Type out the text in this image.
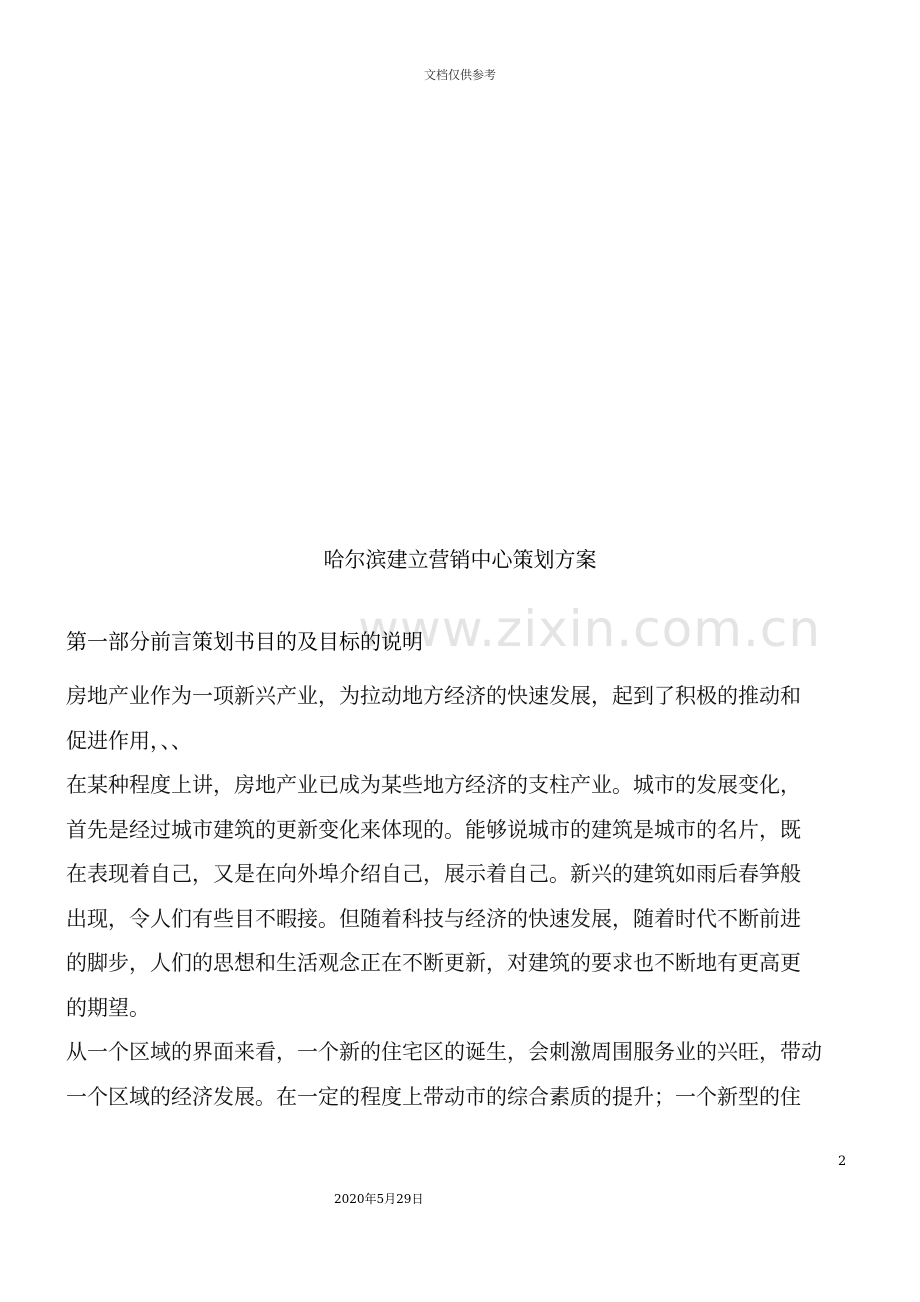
文档仅供参考
哈尔滨建立营销中心策划方案
www.zixin.com.cn
第一部分前言策划书目的及目标的说明
房地产业作为一项新兴产业，为拉动地方经济的快速发展，起到了积极的推动和
促进作用，、、
在某种程度上讲，房地产业已成为某些地方经济的支柱产业。城市的发展变化，
首先是经过城市建筑的更新变化来体现的。能够说城市的建筑是城市的名片，既
在表现着自己，又是在向外埠介绍自己，展示着自己。新兴的建筑如雨后春笋般
出现，令人们有些目不暇接。但随着科技与经济的快速发展，随着时代不断前进
的脚步，人们的思想和生活观念正在不断更新，对建筑的要求也不断地有更高更
的期望。
从一个区域的界面来看，一个新的住宅区的诞生，会刺激周围服务业的兴旺，带动
一个区域的经济发展。在一定的程度上带动市的综合素质的提升；一个新型的住
2
2020年5月29日
